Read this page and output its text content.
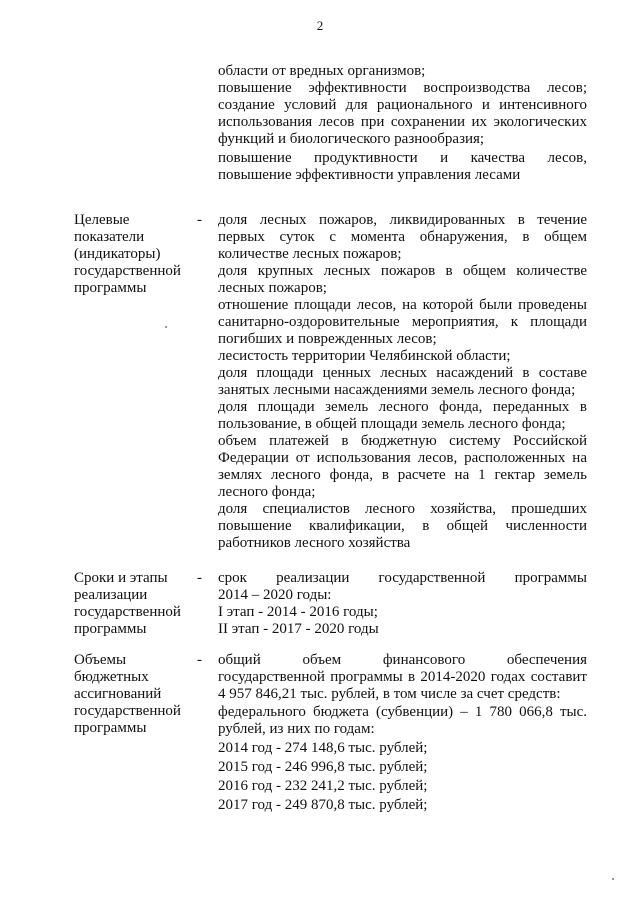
2
области от вредных организмов;
повышение эффективности воспроизводства лесов;
создание условий для рационального и интенсивного
использования лесов при сохранении их экологических
функций и биологического разнообразия;
повышение продуктивности и качества лесов,
повышение эффективности управления лесами
Целевые
показатели
(индикаторы)
государственной
программы
- доля лесных пожаров, ликвидированных в течение
первых суток с момента обнаружения, в общем
количестве лесных пожаров;
доля крупных лесных пожаров в общем количестве
лесных пожаров;
отношение площади лесов, на которой были проведены
санитарно-оздоровительные мероприятия, к площади
погибших и поврежденных лесов;
лесистость территории Челябинской области;
доля площади ценных лесных насаждений в составе
занятых лесными насаждениями земель лесного фонда;
доля площади земель лесного фонда, переданных в
пользование, в общей площади земель лесного фонда;
объем платежей в бюджетную систему Российской
Федерации от использования лесов, расположенных на
землях лесного фонда, в расчете на 1 гектар земель
лесного фонда;
доля специалистов лесного хозяйства, прошедших
повышение квалификации, в общей численности
работников лесного хозяйства
Сроки и этапы
реализации
государственной
программы
- срок реализации государственной программы
2014 – 2020 годы:
I этап - 2014 - 2016 годы;
II этап - 2017 - 2020 годы
Объемы
бюджетных
ассигнований
государственной
программы
- общий объем финансового обеспечения
государственной программы в 2014-2020 годах составит
4 957 846,21 тыс. рублей, в том числе за счет средств:
федерального бюджета (субвенции) – 1 780 066,8 тыс.
рублей, из них по годам:
2014 год - 274 148,6 тыс. рублей;
2015 год - 246 996,8 тыс. рублей;
2016 год - 232 241,2 тыс. рублей;
2017 год - 249 870,8 тыс. рублей;
